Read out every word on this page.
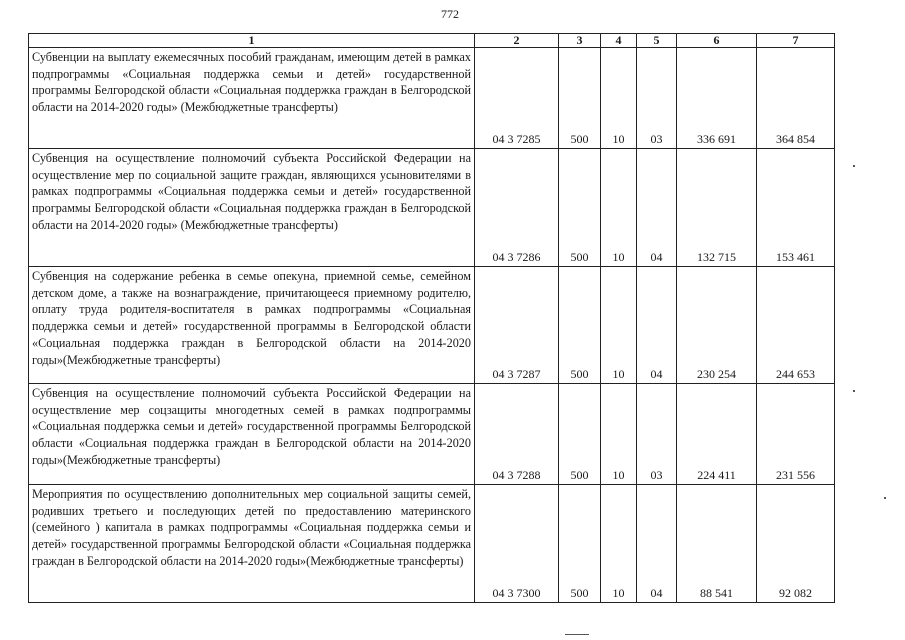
772
1	2	3	4	5	6	7
Субвенции на выплату ежемесячных пособий гражданам, имеющим детей в рамках подпрограммы «Социальная поддержка семьи и детей» государственной программы Белгородской области «Социальная поддержка граждан в Белгородской области на 2014-2020 годы» (Межбюджетные трансферты)	04 3 7285	500	10	03	336 691	364 854
Субвенция на осуществление полномочий субъекта Российской Федерации на осуществление мер по социальной защите граждан, являющихся усыновителями в рамках подпрограммы «Социальная поддержка семьи и детей» государственной программы Белгородской области «Социальная поддержка граждан в Белгородской области на 2014-2020 годы» (Межбюджетные трансферты)	04 3 7286	500	10	04	132 715	153 461
Субвенция на содержание ребенка в семье опекуна, приемной семье, семейном детском доме, а также на вознаграждение, причитающееся приемному родителю, оплату труда родителя-воспитателя в рамках подпрограммы «Социальная поддержка семьи и детей» государственной программы в Белгородской области «Социальная поддержка граждан в Белгородской области на 2014-2020 годы»(Межбюджетные трансферты)	04 3 7287	500	10	04	230 254	244 653
Субвенция на осуществление полномочий субъекта Российской Федерации на осуществление мер соцзащиты многодетных семей в рамках подпрограммы «Социальная поддержка семьи и детей» государственной программы Белгородской области «Социальная поддержка граждан в Белгородской области на 2014-2020 годы»(Межбюджетные трансферты)	04 3 7288	500	10	03	224 411	231 556
Мероприятия по осуществлению дополнительных мер социальной защиты семей, родивших третьего и последующих детей по предоставлению материнского (семейного ) капитала в рамках подпрограммы «Социальная поддержка семьи и детей» государственной программы Белгородской области «Социальная поддержка граждан в Белгородской области на 2014-2020 годы»(Межбюджетные трансферты)	04 3 7300	500	10	04	88 541	92 082
